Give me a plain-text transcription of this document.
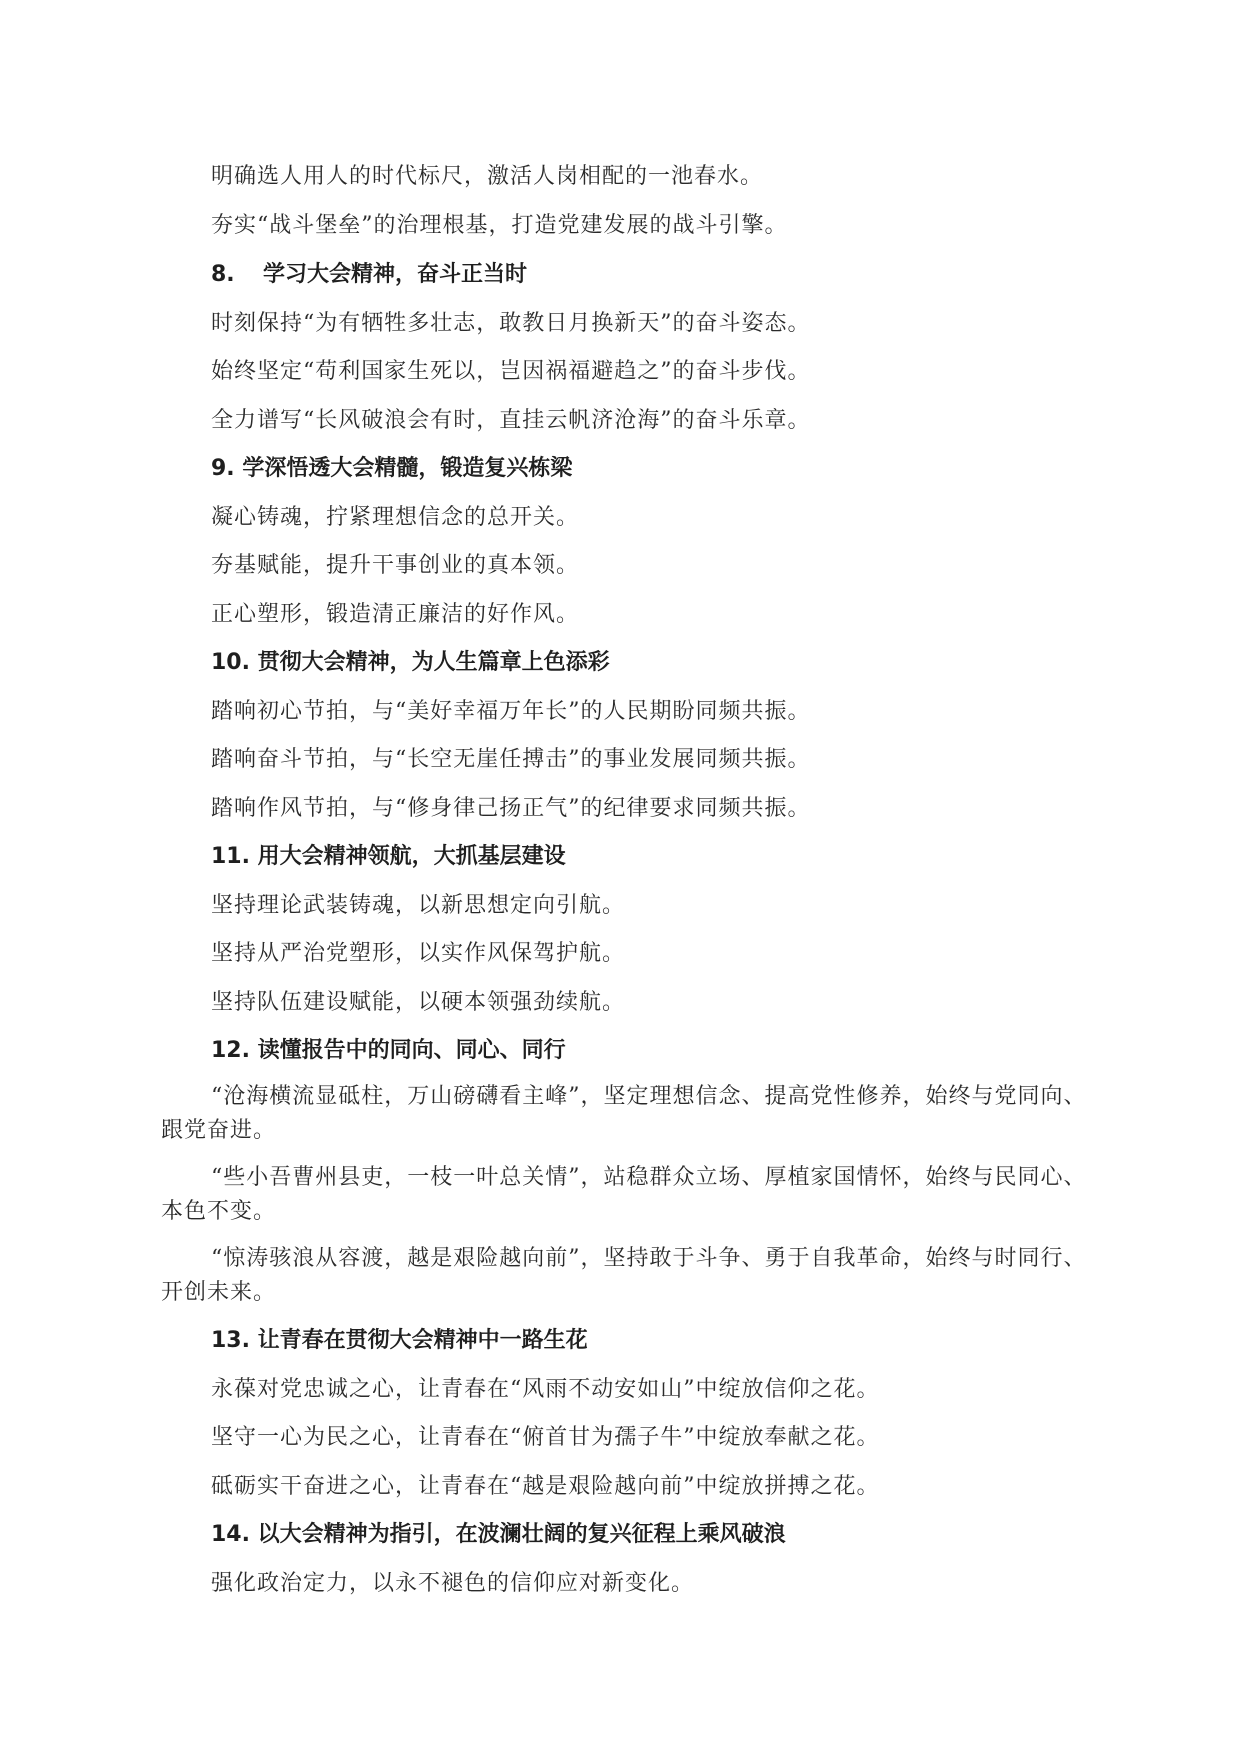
明确选人用人的时代标尺，激活人岗相配的一池春水。
夯实“战斗堡垒”的治理根基，打造党建发展的战斗引擎。
8. 学习大会精神，奋斗正当时
时刻保持“为有牺牲多壮志，敢教日月换新天”的奋斗姿态。
始终坚定“苟利国家生死以，岂因祸福避趋之”的奋斗步伐。
全力谱写“长风破浪会有时，直挂云帆济沧海”的奋斗乐章。
9. 学深悟透大会精髓，锻造复兴栋梁
凝心铸魂，拧紧理想信念的总开关。
夯基赋能，提升干事创业的真本领。
正心塑形，锻造清正廉洁的好作风。
10. 贯彻大会精神，为人生篇章上色添彩
踏响初心节拍，与“美好幸福万年长”的人民期盼同频共振。
踏响奋斗节拍，与“长空无崖任搏击”的事业发展同频共振。
踏响作风节拍，与“修身律己扬正气”的纪律要求同频共振。
11. 用大会精神领航，大抓基层建设
坚持理论武装铸魂，以新思想定向引航。
坚持从严治党塑形，以实作风保驾护航。
坚持队伍建设赋能，以硬本领强劲续航。
12. 读懂报告中的同向、同心、同行
“沧海横流显砥柱，万山磅礴看主峰”，坚定理想信念、提高党性修养，始终与党同向、跟党奋进。
“些小吾曹州县吏，一枝一叶总关情”，站稳群众立场、厚植家国情怀，始终与民同心、本色不变。
“惊涛骇浪从容渡，越是艰险越向前”，坚持敢于斗争、勇于自我革命，始终与时同行、开创未来。
13. 让青春在贯彻大会精神中一路生花
永葆对党忠诚之心，让青春在“风雨不动安如山”中绽放信仰之花。
坚守一心为民之心，让青春在“俯首甘为孺子牛”中绽放奉献之花。
砥砺实干奋进之心，让青春在“越是艰险越向前”中绽放拼搏之花。
14. 以大会精神为指引，在波澜壮阔的复兴征程上乘风破浪
强化政治定力，以永不褪色的信仰应对新变化。
